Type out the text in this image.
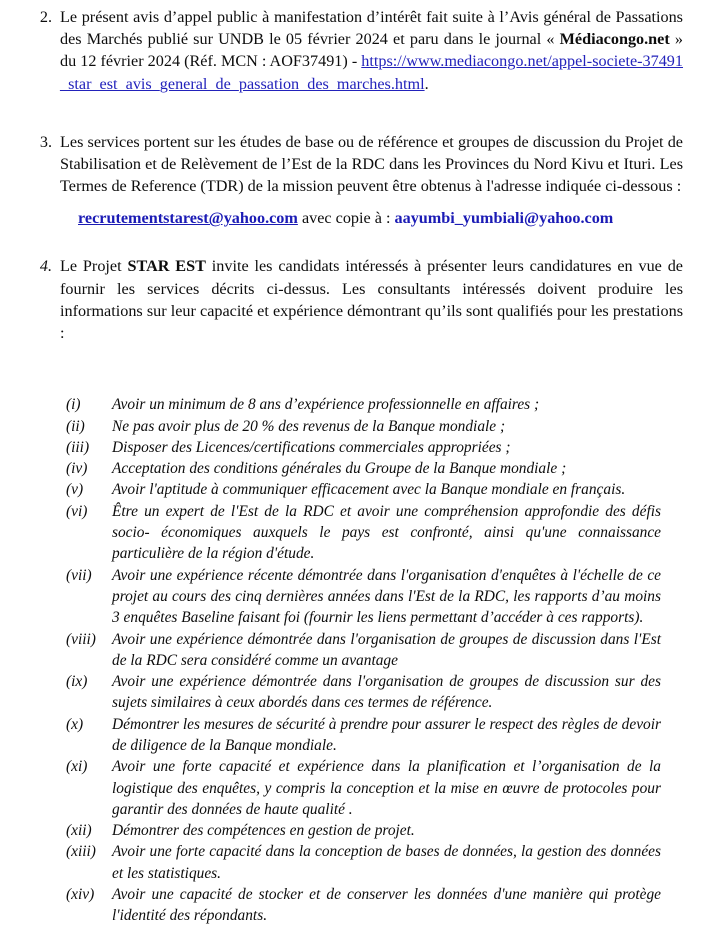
2. Le présent avis d’appel public à manifestation d’intérêt fait suite à l’Avis général de Passations des Marchés publié sur UNDB le 05 février 2024 et paru dans le journal « Médiacongo.net » du 12 février 2024 (Réf. MCN : AOF37491) - https://www.mediacongo.net/appel-societe-37491_star_est_avis_general_de_passation_des_marches.html.

3. Les services portent sur les études de base ou de référence et groupes de discussion du Projet de Stabilisation et de Relèvement de l’Est de la RDC dans les Provinces du Nord Kivu et Ituri. Les Termes de Reference (TDR) de la mission peuvent être obtenus à l'adresse indiquée ci-dessous :

recrutementstarest@yahoo.com avec copie à : aayumbi_yumbiali@yahoo.com
4. Le Projet STAR EST invite les candidats intéressés à présenter leurs candidatures en vue de fournir les services décrits ci-dessus. Les consultants intéressés doivent produire les informations sur leur capacité et expérience démontrant qu’ils sont qualifiés pour les prestations :

(i)	Avoir un minimum de 8 ans d’expérience professionnelle en affaires ;
(ii)	Ne pas avoir plus de 20 % des revenus de la Banque mondiale ;
(iii)	Disposer des Licences/certifications commerciales appropriées ;
(iv)	Acceptation des conditions générales du Groupe de la Banque mondiale ;
(v)	Avoir l'aptitude à communiquer efficacement avec la Banque mondiale en français.
(vi)	Être un expert de l'Est de la RDC et avoir une compréhension approfondie des défis socio- économiques auxquels le pays est confronté, ainsi qu'une connaissance particulière de la région d'étude.
(vii)	Avoir une expérience récente démontrée dans l'organisation d'enquêtes à l'échelle de ce projet au cours des cinq dernières années dans l'Est de la RDC, les rapports d’au moins 3 enquêtes Baseline faisant foi (fournir les liens permettant d’accéder à ces rapports).
(viii)	Avoir une expérience démontrée dans l'organisation de groupes de discussion dans l'Est de la RDC sera considéré comme un avantage
(ix)	Avoir une expérience démontrée dans l'organisation de groupes de discussion sur des sujets similaires à ceux abordés dans ces termes de référence.
(x)	Démontrer les mesures de sécurité à prendre pour assurer le respect des règles de devoir de diligence de la Banque mondiale.
(xi)	Avoir une forte capacité et expérience dans la planification et l’organisation de la logistique des enquêtes, y compris la conception et la mise en œuvre de protocoles pour garantir des données de haute qualité .
(xii)	Démontrer des compétences en gestion de projet.
(xiii)	Avoir une forte capacité dans la conception de bases de données, la gestion des données et les statistiques.
(xiv)	Avoir une capacité de stocker et de conserver les données d'une manière qui protège l'identité des répondants.
